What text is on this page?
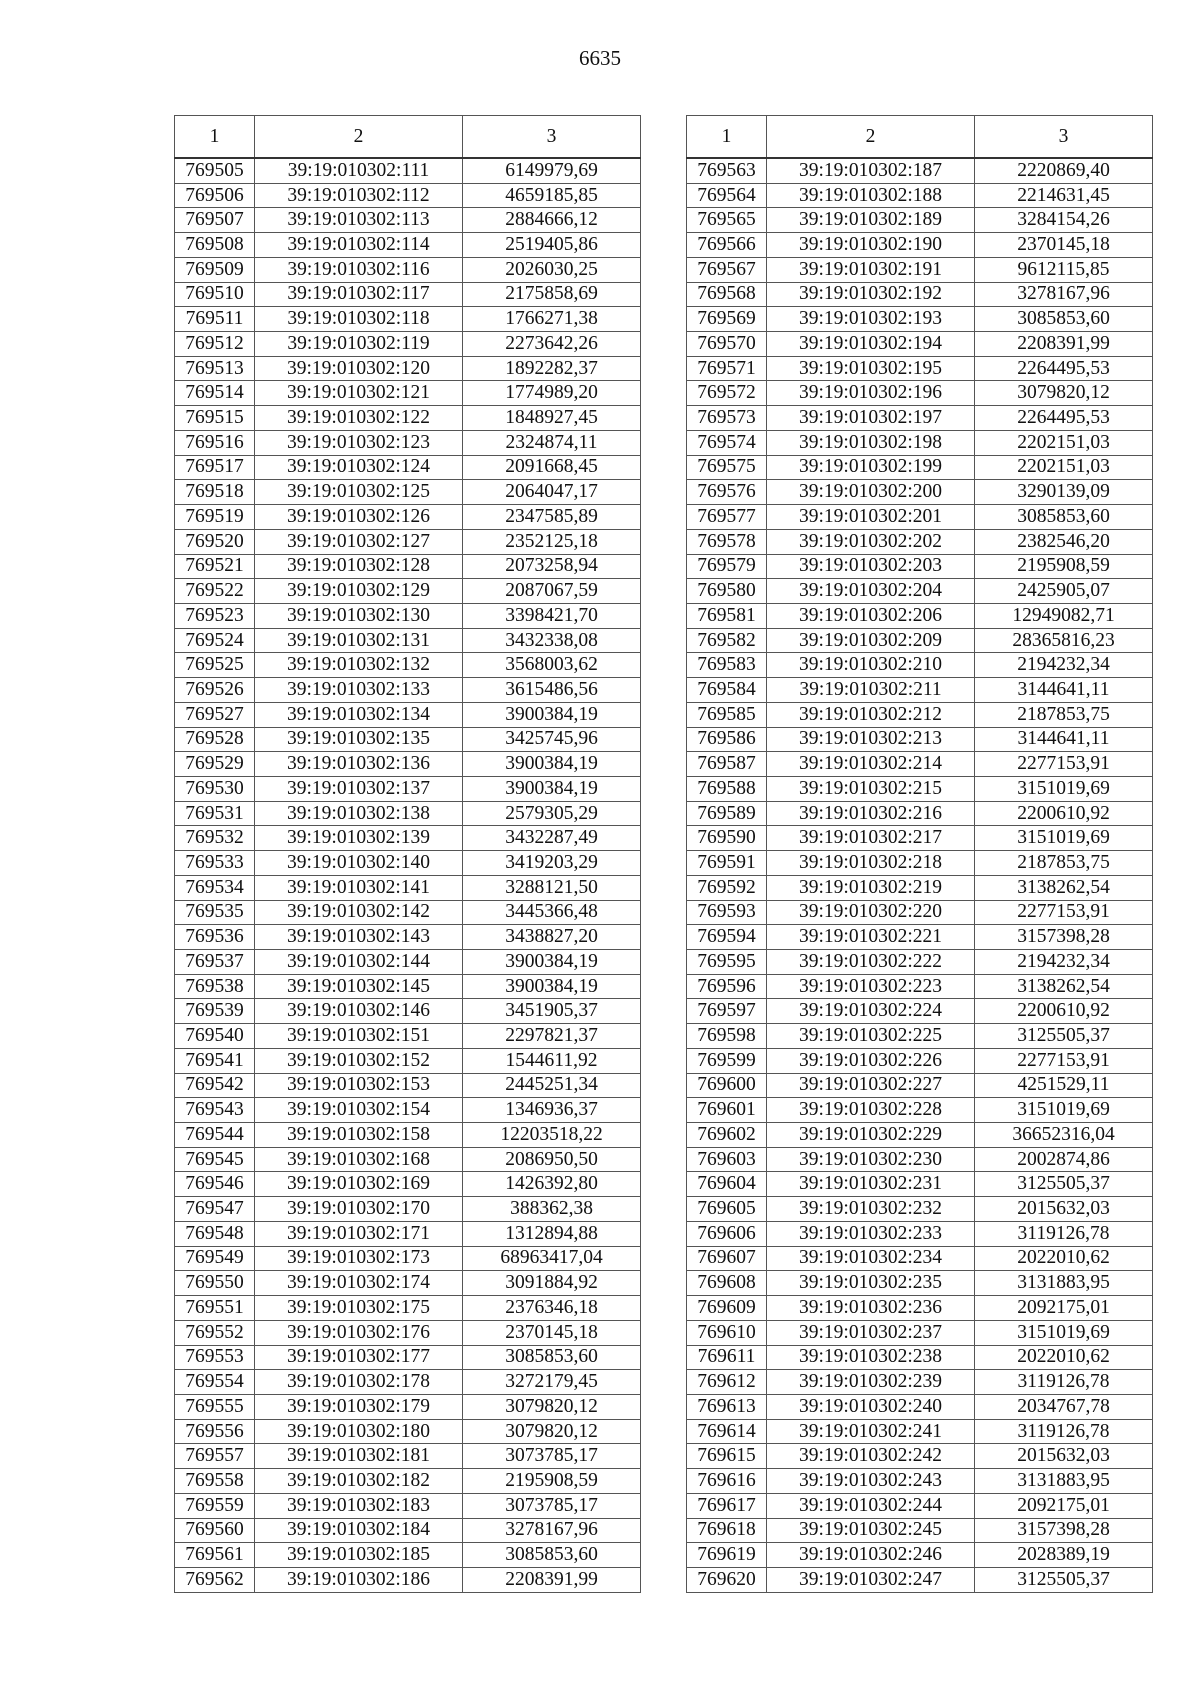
6635
1	2	3
769505	39:19:010302:111	6149979,69
769506	39:19:010302:112	4659185,85
769507	39:19:010302:113	2884666,12
769508	39:19:010302:114	2519405,86
769509	39:19:010302:116	2026030,25
769510	39:19:010302:117	2175858,69
769511	39:19:010302:118	1766271,38
769512	39:19:010302:119	2273642,26
769513	39:19:010302:120	1892282,37
769514	39:19:010302:121	1774989,20
769515	39:19:010302:122	1848927,45
769516	39:19:010302:123	2324874,11
769517	39:19:010302:124	2091668,45
769518	39:19:010302:125	2064047,17
769519	39:19:010302:126	2347585,89
769520	39:19:010302:127	2352125,18
769521	39:19:010302:128	2073258,94
769522	39:19:010302:129	2087067,59
769523	39:19:010302:130	3398421,70
769524	39:19:010302:131	3432338,08
769525	39:19:010302:132	3568003,62
769526	39:19:010302:133	3615486,56
769527	39:19:010302:134	3900384,19
769528	39:19:010302:135	3425745,96
769529	39:19:010302:136	3900384,19
769530	39:19:010302:137	3900384,19
769531	39:19:010302:138	2579305,29
769532	39:19:010302:139	3432287,49
769533	39:19:010302:140	3419203,29
769534	39:19:010302:141	3288121,50
769535	39:19:010302:142	3445366,48
769536	39:19:010302:143	3438827,20
769537	39:19:010302:144	3900384,19
769538	39:19:010302:145	3900384,19
769539	39:19:010302:146	3451905,37
769540	39:19:010302:151	2297821,37
769541	39:19:010302:152	1544611,92
769542	39:19:010302:153	2445251,34
769543	39:19:010302:154	1346936,37
769544	39:19:010302:158	12203518,22
769545	39:19:010302:168	2086950,50
769546	39:19:010302:169	1426392,80
769547	39:19:010302:170	388362,38
769548	39:19:010302:171	1312894,88
769549	39:19:010302:173	68963417,04
769550	39:19:010302:174	3091884,92
769551	39:19:010302:175	2376346,18
769552	39:19:010302:176	2370145,18
769553	39:19:010302:177	3085853,60
769554	39:19:010302:178	3272179,45
769555	39:19:010302:179	3079820,12
769556	39:19:010302:180	3079820,12
769557	39:19:010302:181	3073785,17
769558	39:19:010302:182	2195908,59
769559	39:19:010302:183	3073785,17
769560	39:19:010302:184	3278167,96
769561	39:19:010302:185	3085853,60
769562	39:19:010302:186	2208391,99
1	2	3
769563	39:19:010302:187	2220869,40
769564	39:19:010302:188	2214631,45
769565	39:19:010302:189	3284154,26
769566	39:19:010302:190	2370145,18
769567	39:19:010302:191	9612115,85
769568	39:19:010302:192	3278167,96
769569	39:19:010302:193	3085853,60
769570	39:19:010302:194	2208391,99
769571	39:19:010302:195	2264495,53
769572	39:19:010302:196	3079820,12
769573	39:19:010302:197	2264495,53
769574	39:19:010302:198	2202151,03
769575	39:19:010302:199	2202151,03
769576	39:19:010302:200	3290139,09
769577	39:19:010302:201	3085853,60
769578	39:19:010302:202	2382546,20
769579	39:19:010302:203	2195908,59
769580	39:19:010302:204	2425905,07
769581	39:19:010302:206	12949082,71
769582	39:19:010302:209	28365816,23
769583	39:19:010302:210	2194232,34
769584	39:19:010302:211	3144641,11
769585	39:19:010302:212	2187853,75
769586	39:19:010302:213	3144641,11
769587	39:19:010302:214	2277153,91
769588	39:19:010302:215	3151019,69
769589	39:19:010302:216	2200610,92
769590	39:19:010302:217	3151019,69
769591	39:19:010302:218	2187853,75
769592	39:19:010302:219	3138262,54
769593	39:19:010302:220	2277153,91
769594	39:19:010302:221	3157398,28
769595	39:19:010302:222	2194232,34
769596	39:19:010302:223	3138262,54
769597	39:19:010302:224	2200610,92
769598	39:19:010302:225	3125505,37
769599	39:19:010302:226	2277153,91
769600	39:19:010302:227	4251529,11
769601	39:19:010302:228	3151019,69
769602	39:19:010302:229	36652316,04
769603	39:19:010302:230	2002874,86
769604	39:19:010302:231	3125505,37
769605	39:19:010302:232	2015632,03
769606	39:19:010302:233	3119126,78
769607	39:19:010302:234	2022010,62
769608	39:19:010302:235	3131883,95
769609	39:19:010302:236	2092175,01
769610	39:19:010302:237	3151019,69
769611	39:19:010302:238	2022010,62
769612	39:19:010302:239	3119126,78
769613	39:19:010302:240	2034767,78
769614	39:19:010302:241	3119126,78
769615	39:19:010302:242	2015632,03
769616	39:19:010302:243	3131883,95
769617	39:19:010302:244	2092175,01
769618	39:19:010302:245	3157398,28
769619	39:19:010302:246	2028389,19
769620	39:19:010302:247	3125505,37
